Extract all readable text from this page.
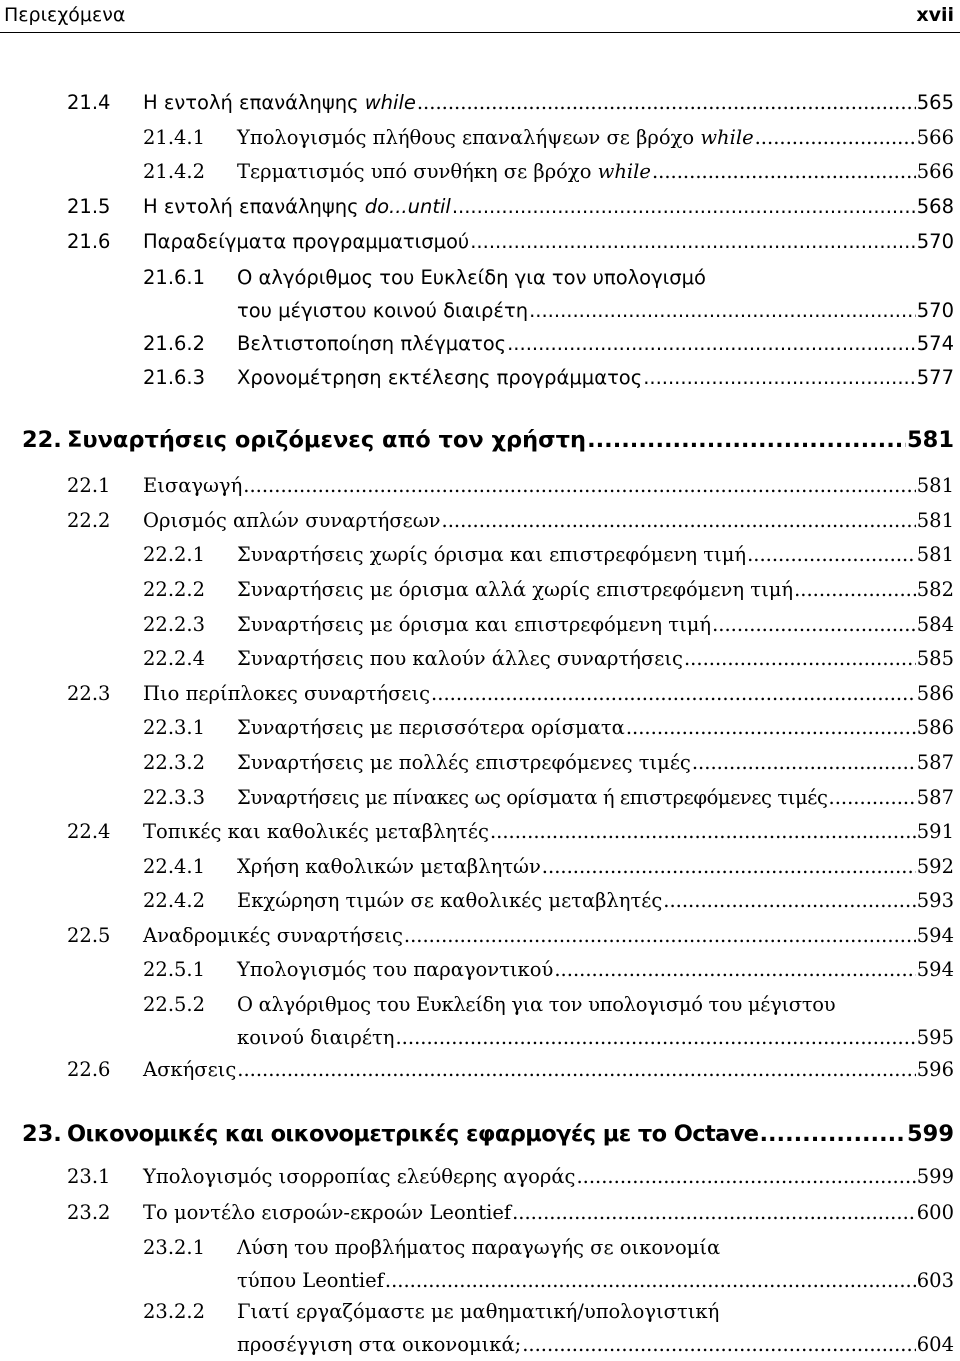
Περιεχόμενα	xvii
21.4 Η εντολή επανάληψης while .....	565
21.4.1 Υπολογισμός πλήθους επαναλήψεων σε βρόχο while .....	566
21.4.2 Τερματισμός υπό συνθήκη σε βρόχο while .....	566
21.5 Η εντολή επανάληψης do...until .....	568
21.6 Παραδείγματα προγραμματισμού .....	570
21.6.1 Ο αλγόριθμος του Ευκλείδη για τον υπολογισμό
του μέγιστου κοινού διαιρέτη .....	570
21.6.2 Βελτιστοποίηση πλέγματος .....	574
21.6.3 Χρονομέτρηση εκτέλεσης προγράμματος .....	577
22. Συναρτήσεις οριζόμενες από τον χρήστη .....	581
22.1 Εισαγωγή .....	581
22.2 Ορισμός απλών συναρτήσεων .....	581
22.2.1 Συναρτήσεις χωρίς όρισμα και επιστρεφόμενη τιμή .....	581
22.2.2 Συναρτήσεις με όρισμα αλλά χωρίς επιστρεφόμενη τιμή .....	582
22.2.3 Συναρτήσεις με όρισμα και επιστρεφόμενη τιμή .....	584
22.2.4 Συναρτήσεις που καλούν άλλες συναρτήσεις .....	585
22.3 Πιο περίπλοκες συναρτήσεις .....	586
22.3.1 Συναρτήσεις με περισσότερα ορίσματα .....	586
22.3.2 Συναρτήσεις με πολλές επιστρεφόμενες τιμές .....	587
22.3.3 Συναρτήσεις με πίνακες ως ορίσματα ή επιστρεφόμενες τιμές .....	587
22.4 Τοπικές και καθολικές μεταβλητές .....	591
22.4.1 Χρήση καθολικών μεταβλητών .....	592
22.4.2 Εκχώρηση τιμών σε καθολικές μεταβλητές .....	593
22.5 Αναδρομικές συναρτήσεις .....	594
22.5.1 Υπολογισμός του παραγοντικού .....	594
22.5.2 Ο αλγόριθμος του Ευκλείδη για τον υπολογισμό του μέγιστου
κοινού διαιρέτη .....	595
22.6 Ασκήσεις .....	596
23. Οικονομικές και οικονομετρικές εφαρμογές με το Octave .....	599
23.1 Υπολογισμός ισορροπίας ελεύθερης αγοράς .....	599
23.2 Το μοντέλο εισροών-εκροών Leontief .....	600
23.2.1 Λύση του προβλήματος παραγωγής σε οικονομία
τύπου Leontief .....	603
23.2.2 Γιατί εργαζόμαστε με μαθηματική/υπολογιστική
προσέγγιση στα οικονομικά; .....	604
